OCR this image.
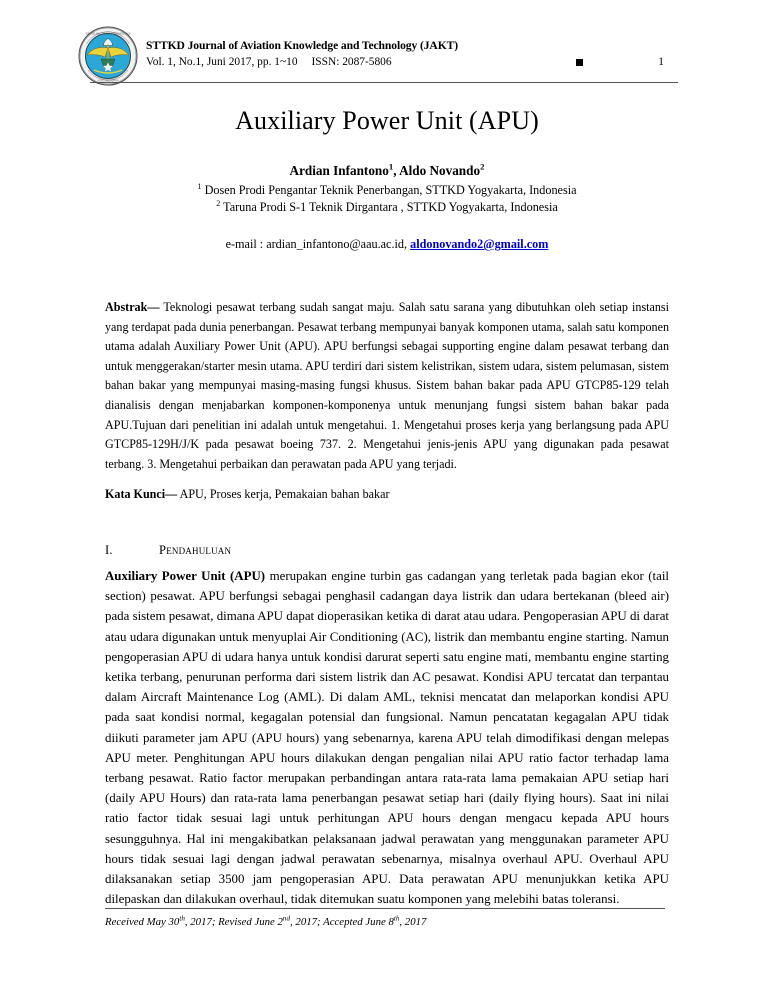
SEKOLAH TINGGI TEKNOLOGI
YOGYAKARTA
STTKD Journal of Aviation Knowledge and Technology (JAKT)
Vol. 1, No.1, Juni 2017, pp. 1~10 ISSN: 2087-5806	1
Auxiliary Power Unit (APU)
Ardian Infantono$^1$, Aldo Novando$^2$
$^1$ Dosen Prodi Pengantar Teknik Penerbangan, STTKD Yogyakarta, Indonesia
$^2$ Taruna Prodi S-1 Teknik Dirgantara , STTKD Yogyakarta, Indonesia
e-mail : ardian_infantono@aau.ac.id, aldonovando2@gmail.com

Abstrak— Teknologi pesawat terbang sudah sangat maju. Salah satu sarana yang dibutuhkan oleh setiap instansi yang terdapat pada dunia penerbangan. Pesawat terbang mempunyai banyak komponen utama, salah satu komponen utama adalah Auxiliary Power Unit (APU). APU berfungsi sebagai supporting engine dalam pesawat terbang dan untuk menggerakan/starter mesin utama. APU terdiri dari sistem kelistrikan, sistem udara, sistem pelumasan, sistem bahan bakar yang mempunyai masing-masing fungsi khusus. Sistem bahan bakar pada APU GTCP85-129 telah dianalisis dengan menjabarkan komponen-komponenya untuk menunjang fungsi sistem bahan bakar pada APU.Tujuan dari penelitian ini adalah untuk mengetahui. 1. Mengetahui proses kerja yang berlangsung pada APU GTCP85-129H/J/K pada pesawat boeing 737. 2. Mengetahui jenis-jenis APU yang digunakan pada pesawat terbang. 3. Mengetahui perbaikan dan perawatan pada APU yang terjadi.

Kata Kunci— APU, Proses kerja, Pemakaian bahan bakar
I.	Pendahuluan

Auxiliary Power Unit (APU) merupakan engine turbin gas cadangan yang terletak pada bagian ekor (tail section) pesawat. APU berfungsi sebagai penghasil cadangan daya listrik dan udara bertekanan (bleed air) pada sistem pesawat, dimana APU dapat dioperasikan ketika di darat atau udara. Pengoperasian APU di darat atau udara digunakan untuk menyuplai Air Conditioning (AC), listrik dan membantu engine starting. Namun pengoperasian APU di udara hanya untuk kondisi darurat seperti satu engine mati, membantu engine starting ketika terbang, penurunan performa dari sistem listrik dan AC pesawat. Kondisi APU tercatat dan terpantau dalam Aircraft Maintenance Log (AML). Di dalam AML, teknisi mencatat dan melaporkan kondisi APU pada saat kondisi normal, kegagalan potensial dan fungsional. Namun pencatatan kegagalan APU tidak diikuti parameter jam APU (APU hours) yang sebenarnya, karena APU telah dimodifikasi dengan melepas APU meter. Penghitungan APU hours dilakukan dengan pengalian nilai APU ratio factor terhadap lama terbang pesawat. Ratio factor merupakan perbandingan antara rata-rata lama pemakaian APU setiap hari (daily APU Hours) dan rata-rata lama penerbangan pesawat setiap hari (daily flying hours). Saat ini nilai ratio factor tidak sesuai lagi untuk perhitungan APU hours dengan mengacu kepada APU hours sesungguhnya. Hal ini mengakibatkan pelaksanaan jadwal perawatan yang menggunakan parameter APU hours tidak sesuai lagi dengan jadwal perawatan sebenarnya, misalnya overhaul APU. Overhaul APU dilaksanakan setiap 3500 jam pengoperasian APU. Data perawatan APU menunjukkan ketika APU dilepaskan dan dilakukan overhaul, tidak ditemukan suatu komponen yang melebihi batas toleransi.

Received May 30th, 2017; Revised June 2nd, 2017; Accepted June 8th, 2017
